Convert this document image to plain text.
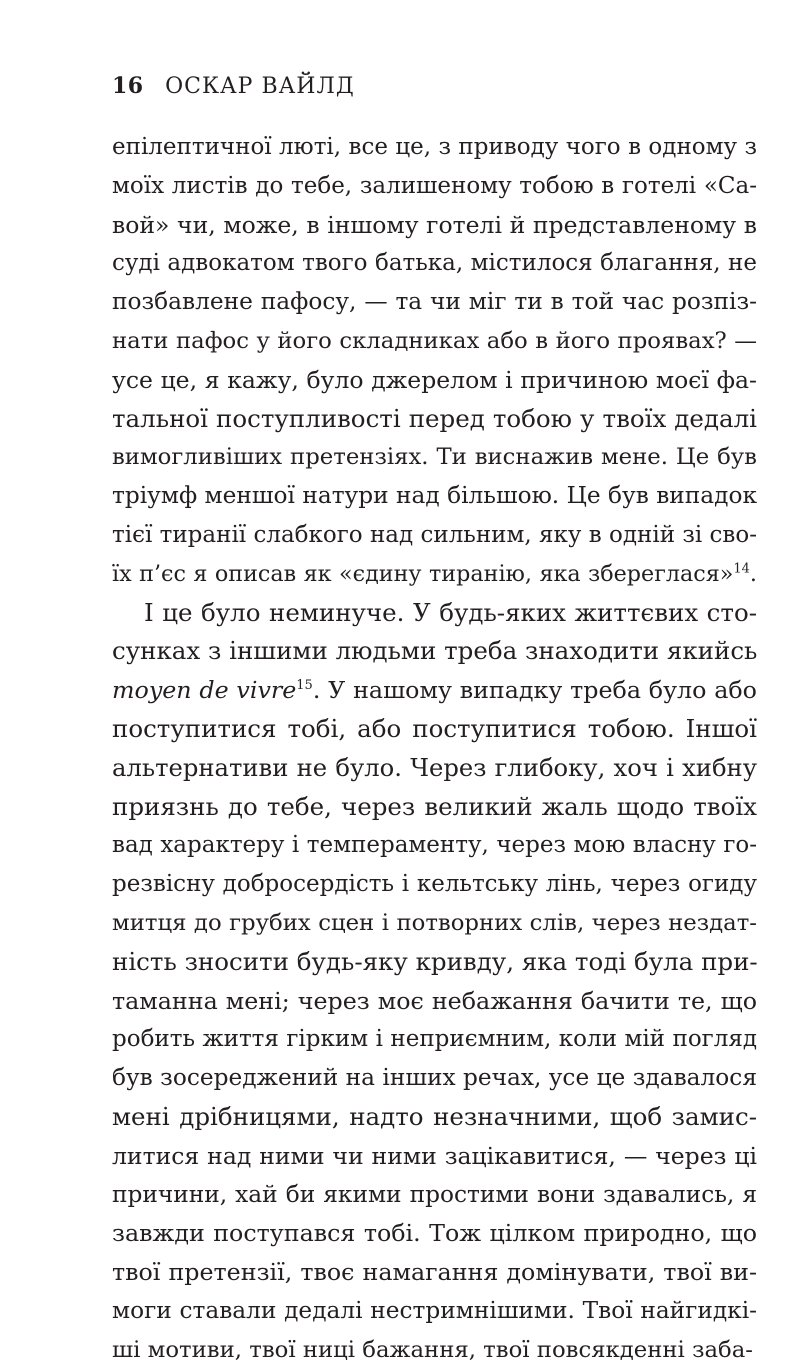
16 ОСКАР ВАЙЛД
епілептичної люті, все це, з приводу чого в одному з
моїх листів до тебе, залишеному тобою в готелі «Са-
вой» чи, може, в іншому готелі й представленому в
суді адвокатом твого батька, містилося благання, не
позбавлене пафосу, — та чи міг ти в той час розпіз-
нати пафос у його складниках або в його проявах? —
усе це, я кажу, було джерелом і причиною моєї фа-
тальної поступливості перед тобою у твоїх дедалі
вимогливіших претензіях. Ти виснажив мене. Це був
тріумф меншої натури над більшою. Це був випадок
тієї тиранії слабкого над сильним, яку в одній зі сво-
їх п’єс я описав як «єдину тиранію, яка збереглася»$^{14}$.
І це було неминуче. У будь-яких життєвих сто-
сунках з іншими людьми треба знаходити якийсь
moyen de vivre$^{15}$. У нашому випадку треба було або
поступитися тобі, або поступитися тобою. Іншої
альтернативи не було. Через глибоку, хоч і хибну
приязнь до тебе, через великий жаль щодо твоїх
вад характеру і темпераменту, через мою власну го-
резвісну добросердість і кельтську лінь, через огиду
митця до грубих сцен і потворних слів, через нездат-
ність зносити будь-яку кривду, яка тоді була при-
таманна мені; через моє небажання бачити те, що
робить життя гірким і неприємним, коли мій погляд
був зосереджений на інших речах, усе це здавалося
мені дрібницями, надто незначними, щоб замис-
литися над ними чи ними зацікавитися, — через ці
причини, хай би якими простими вони здавались, я
завжди поступався тобі. Тож цілком природно, що
твої претензії, твоє намагання домінувати, твої ви-
моги ставали дедалі нестримнішими. Твої найгидкі-
ші мотиви, твої ниці бажання, твої повсякденні заба-
